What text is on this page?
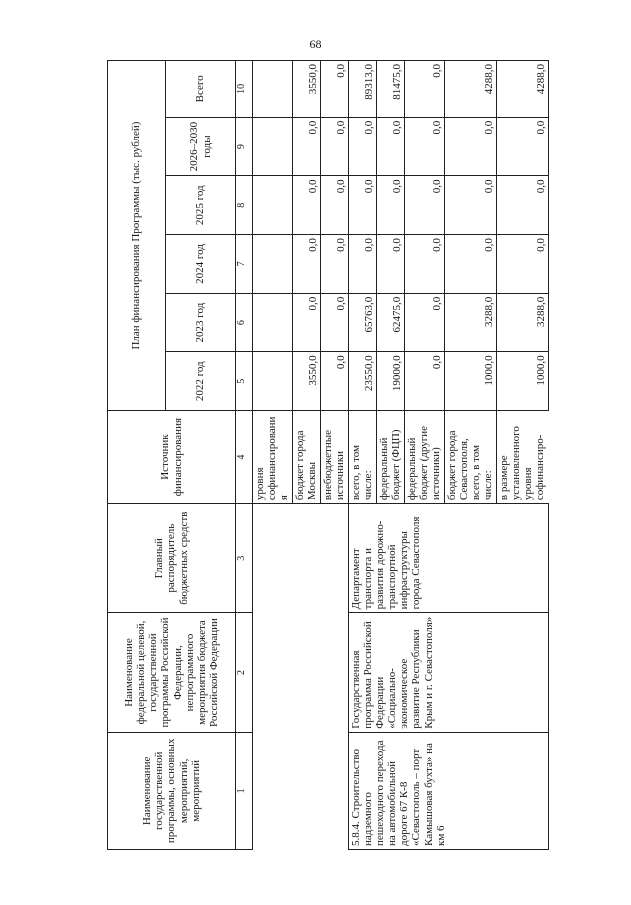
68
Наименование государственной программы, основных мероприятий, мероприятий	Наименование федеральной целевой, государственной программы Российской Федерации, непрограммного мероприятия бюджета Российской Федерации	Главный распорядитель бюджетных средств	Источник финансирования	План финансирования Программы (тыс. рублей)					
				2022 год	2023 год	2024 год	2025 год	2026–2030 годы	Всего
1	2	3	4	5	6	7	8	9	10
			уровня софинансирования						
			бюджет города Москвы	3550,0	0,0	0,0	0,0	0,0	3550,0
			внебюджетные источники	0,0	0,0	0,0	0,0	0,0	0,0
5.8.4. Строительство надземного пешеходного перехода на автомобильной дороге 67 К-8 «Севастополь – порт Камышовая бухта» на км 6	Государственная программа Российской Федерации «Социально-экономическое развитие Республики Крым и г. Севастополя»	Департамент транспорта и развития дорожно-транспортной инфраструктуры города Севастополя	всего, в том числе:	23550,0	65763,0	0,0	0,0	0,0	89313,0
			федеральный бюджет (ФЦП)	19000,0	62475,0	0,0	0,0	0,0	81475,0
			федеральный бюджет (другие источники)	0,0	0,0	0,0	0,0	0,0	0,0
			бюджет города Севастополя, всего, в том числе:	1000,0	3288,0	0,0	0,0	0,0	4288,0
			в размере установленного уровня софинансиро-	1000,0	3288,0	0,0	0,0	0,0	4288,0
